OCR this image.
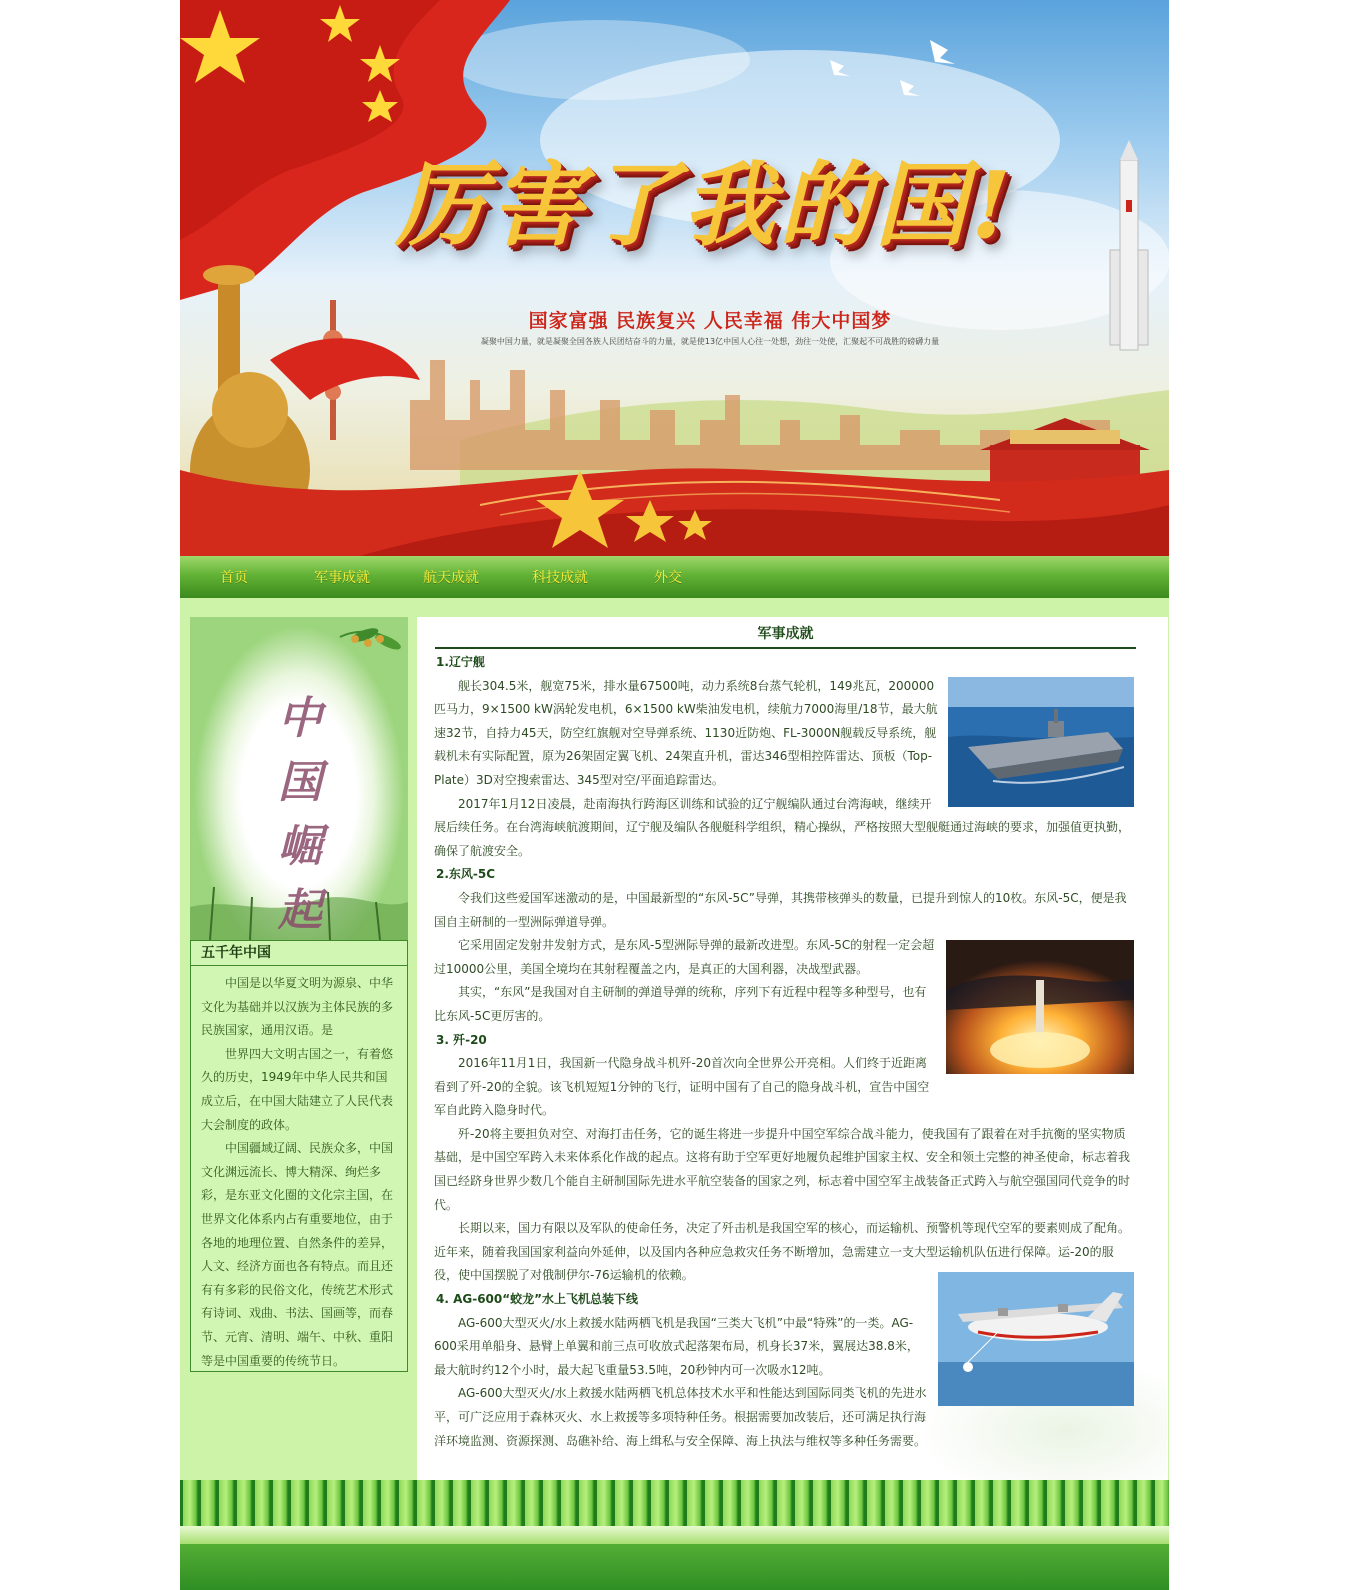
厉害了我的国!
国家富强 民族复兴 人民幸福 伟大中国梦
凝聚中国力量，就是凝聚全国各族人民团结奋斗的力量，就是使13亿中国人心往一处想，劲往一处使，汇聚起不可战胜的磅礴力量
首页	军事成就	航天成就	科技成就	外交
中国崛起
五千年中国

中国是以华夏文明为源泉、中华文化为基础并以汉族为主体民族的多民族国家，通用汉语。是

世界四大文明古国之一，有着悠久的历史，1949年中华人民共和国成立后，在中国大陆建立了人民代表大会制度的政体。

中国疆域辽阔、民族众多，中国文化渊远流长、博大精深、绚烂多彩，是东亚文化圈的文化宗主国，在世界文化体系内占有重要地位，由于各地的地理位置、自然条件的差异，人文、经济方面也各有特点。而且还有有多彩的民俗文化，传统艺术形式有诗词、戏曲、书法、国画等，而春节、元宵、清明、端午、中秋、重阳等是中国重要的传统节日。

军事成就
1.辽宁舰

舰长304.5米，舰宽75米，排水量67500吨，动力系统8台蒸气轮机，149兆瓦，200000匹马力，9×1500 kW涡轮发电机，6×1500 kW柴油发电机，续航力7000海里/18节，最大航速32节，自持力45天，防空红旗舰对空导弹系统、1130近防炮、FL-3000N舰载反导系统，舰载机未有实际配置，原为26架固定翼飞机、24架直升机，雷达346型相控阵雷达、顶板（Top-Plate）3D对空搜索雷达、345型对空/平面追踪雷达。

2017年1月12日凌晨，赴南海执行跨海区训练和试验的辽宁舰编队通过台湾海峡，继续开展后续任务。在台湾海峡航渡期间，辽宁舰及编队各舰艇科学组织，精心操纵，严格按照大型舰艇通过海峡的要求，加强值更执勤，确保了航渡安全。

2.东风-5C

令我们这些爱国军迷激动的是，中国最新型的“东风-5C”导弹，其携带核弹头的数量，已提升到惊人的10枚。东风-5C，便是我国自主研制的一型洲际弹道导弹。

它采用固定发射井发射方式，是东风-5型洲际导弹的最新改进型。东风-5C的射程一定会超过10000公里，美国全境均在其射程覆盖之内，是真正的大国利器，决战型武器。

其实，“东风”是我国对自主研制的弹道导弹的统称，序列下有近程中程等多种型号，也有比东风-5C更厉害的。

3. 歼-20

2016年11月1日，我国新一代隐身战斗机歼-20首次向全世界公开亮相。人们终于近距离看到了歼-20的全貌。该飞机短短1分钟的飞行，证明中国有了自己的隐身战斗机，宣告中国空军自此跨入隐身时代。

歼-20将主要担负对空、对海打击任务，它的诞生将进一步提升中国空军综合战斗能力，使我国有了跟着在对手抗衡的坚实物质基础，是中国空军跨入未来体系化作战的起点。这将有助于空军更好地履负起维护国家主权、安全和领土完整的神圣使命，标志着我国已经跻身世界少数几个能自主研制国际先进水平航空装备的国家之列，标志着中国空军主战装备正式跨入与航空强国同代竞争的时代。

长期以来，国力有限以及军队的使命任务，决定了歼击机是我国空军的核心，而运输机、预警机等现代空军的要素则成了配角。近年来，随着我国国家利益向外延伸，以及国内各种应急救灾任务不断增加，急需建立一支大型运输机队伍进行保障。运-20的服役，使中国摆脱了对俄制伊尔-76运输机的依赖。

4. AG-600“蛟龙”水上飞机总装下线

AG-600大型灭火/水上救援水陆两栖飞机是我国“三类大飞机”中最“特殊”的一类。AG-600采用单船身、悬臂上单翼和前三点可收放式起落架布局，机身长37米，翼展达38.8米，最大航时约12个小时，最大起飞重量53.5吨，20秒钟内可一次吸水12吨。

AG-600大型灭火/水上救援水陆两栖飞机总体技术水平和性能达到国际同类飞机的先进水平，可广泛应用于森林灭火、水上救援等多项特种任务。根据需要加改装后，还可满足执行海洋环境监测、资源探测、岛礁补给、海上缉私与安全保障、海上执法与维权等多种任务需要。
